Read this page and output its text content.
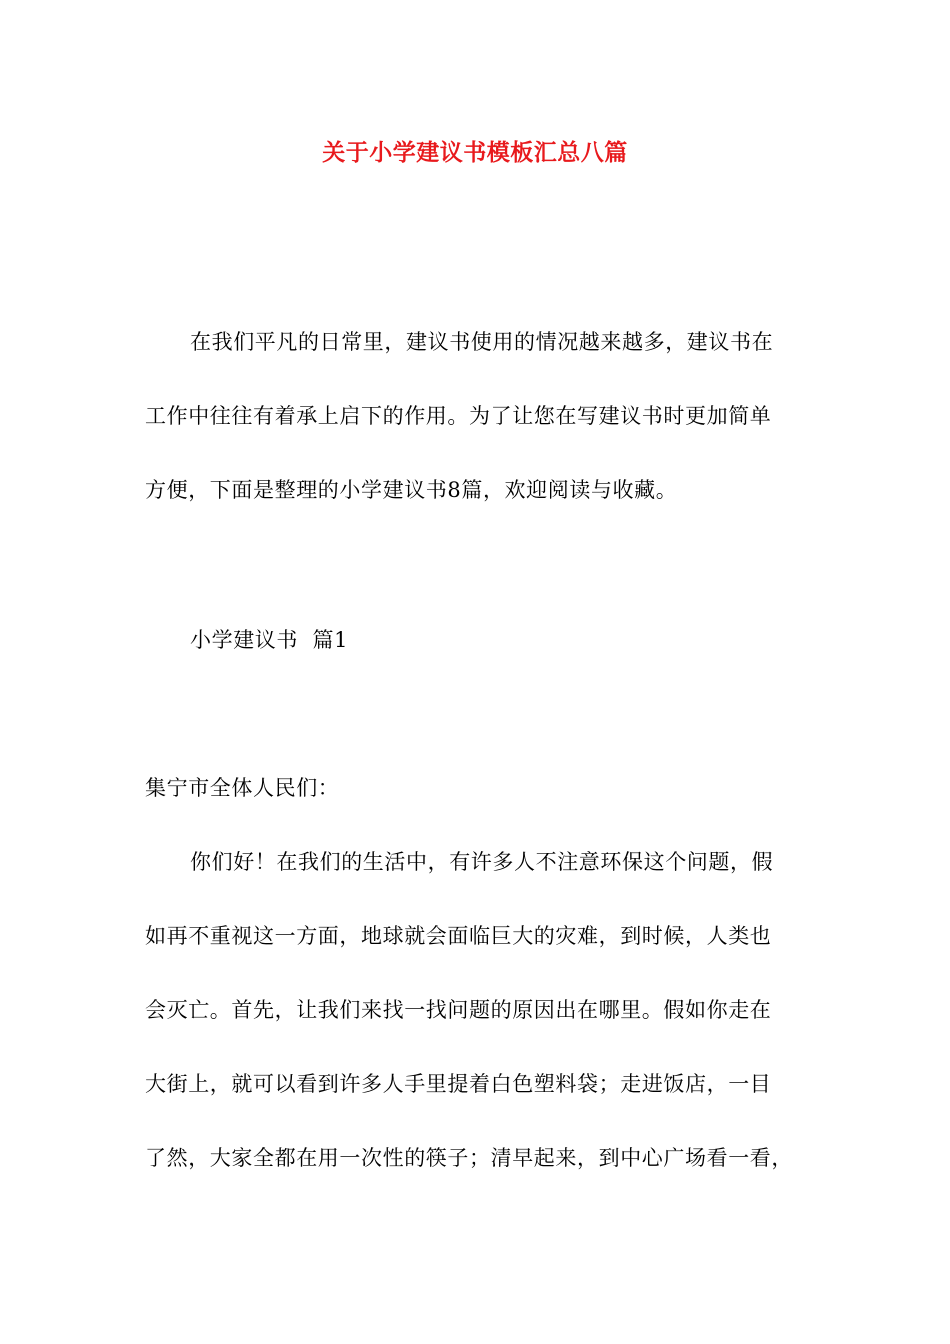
关于小学建议书模板汇总八篇
在我们平凡的日常里，建议书使用的情况越来越多，建议书在
工作中往往有着承上启下的作用。为了让您在写建议书时更加简单
方便，下面是整理的小学建议书8篇，欢迎阅读与收藏。
小学建议书  篇1
集宁市全体人民们：
你们好！在我们的生活中，有许多人不注意环保这个问题，假
如再不重视这一方面，地球就会面临巨大的灾难，到时候，人类也
会灭亡。首先，让我们来找一找问题的原因出在哪里。假如你走在
大街上，就可以看到许多人手里提着白色塑料袋；走进饭店，一目
了然，大家全都在用一次性的筷子；清早起来，到中心广场看一看，
